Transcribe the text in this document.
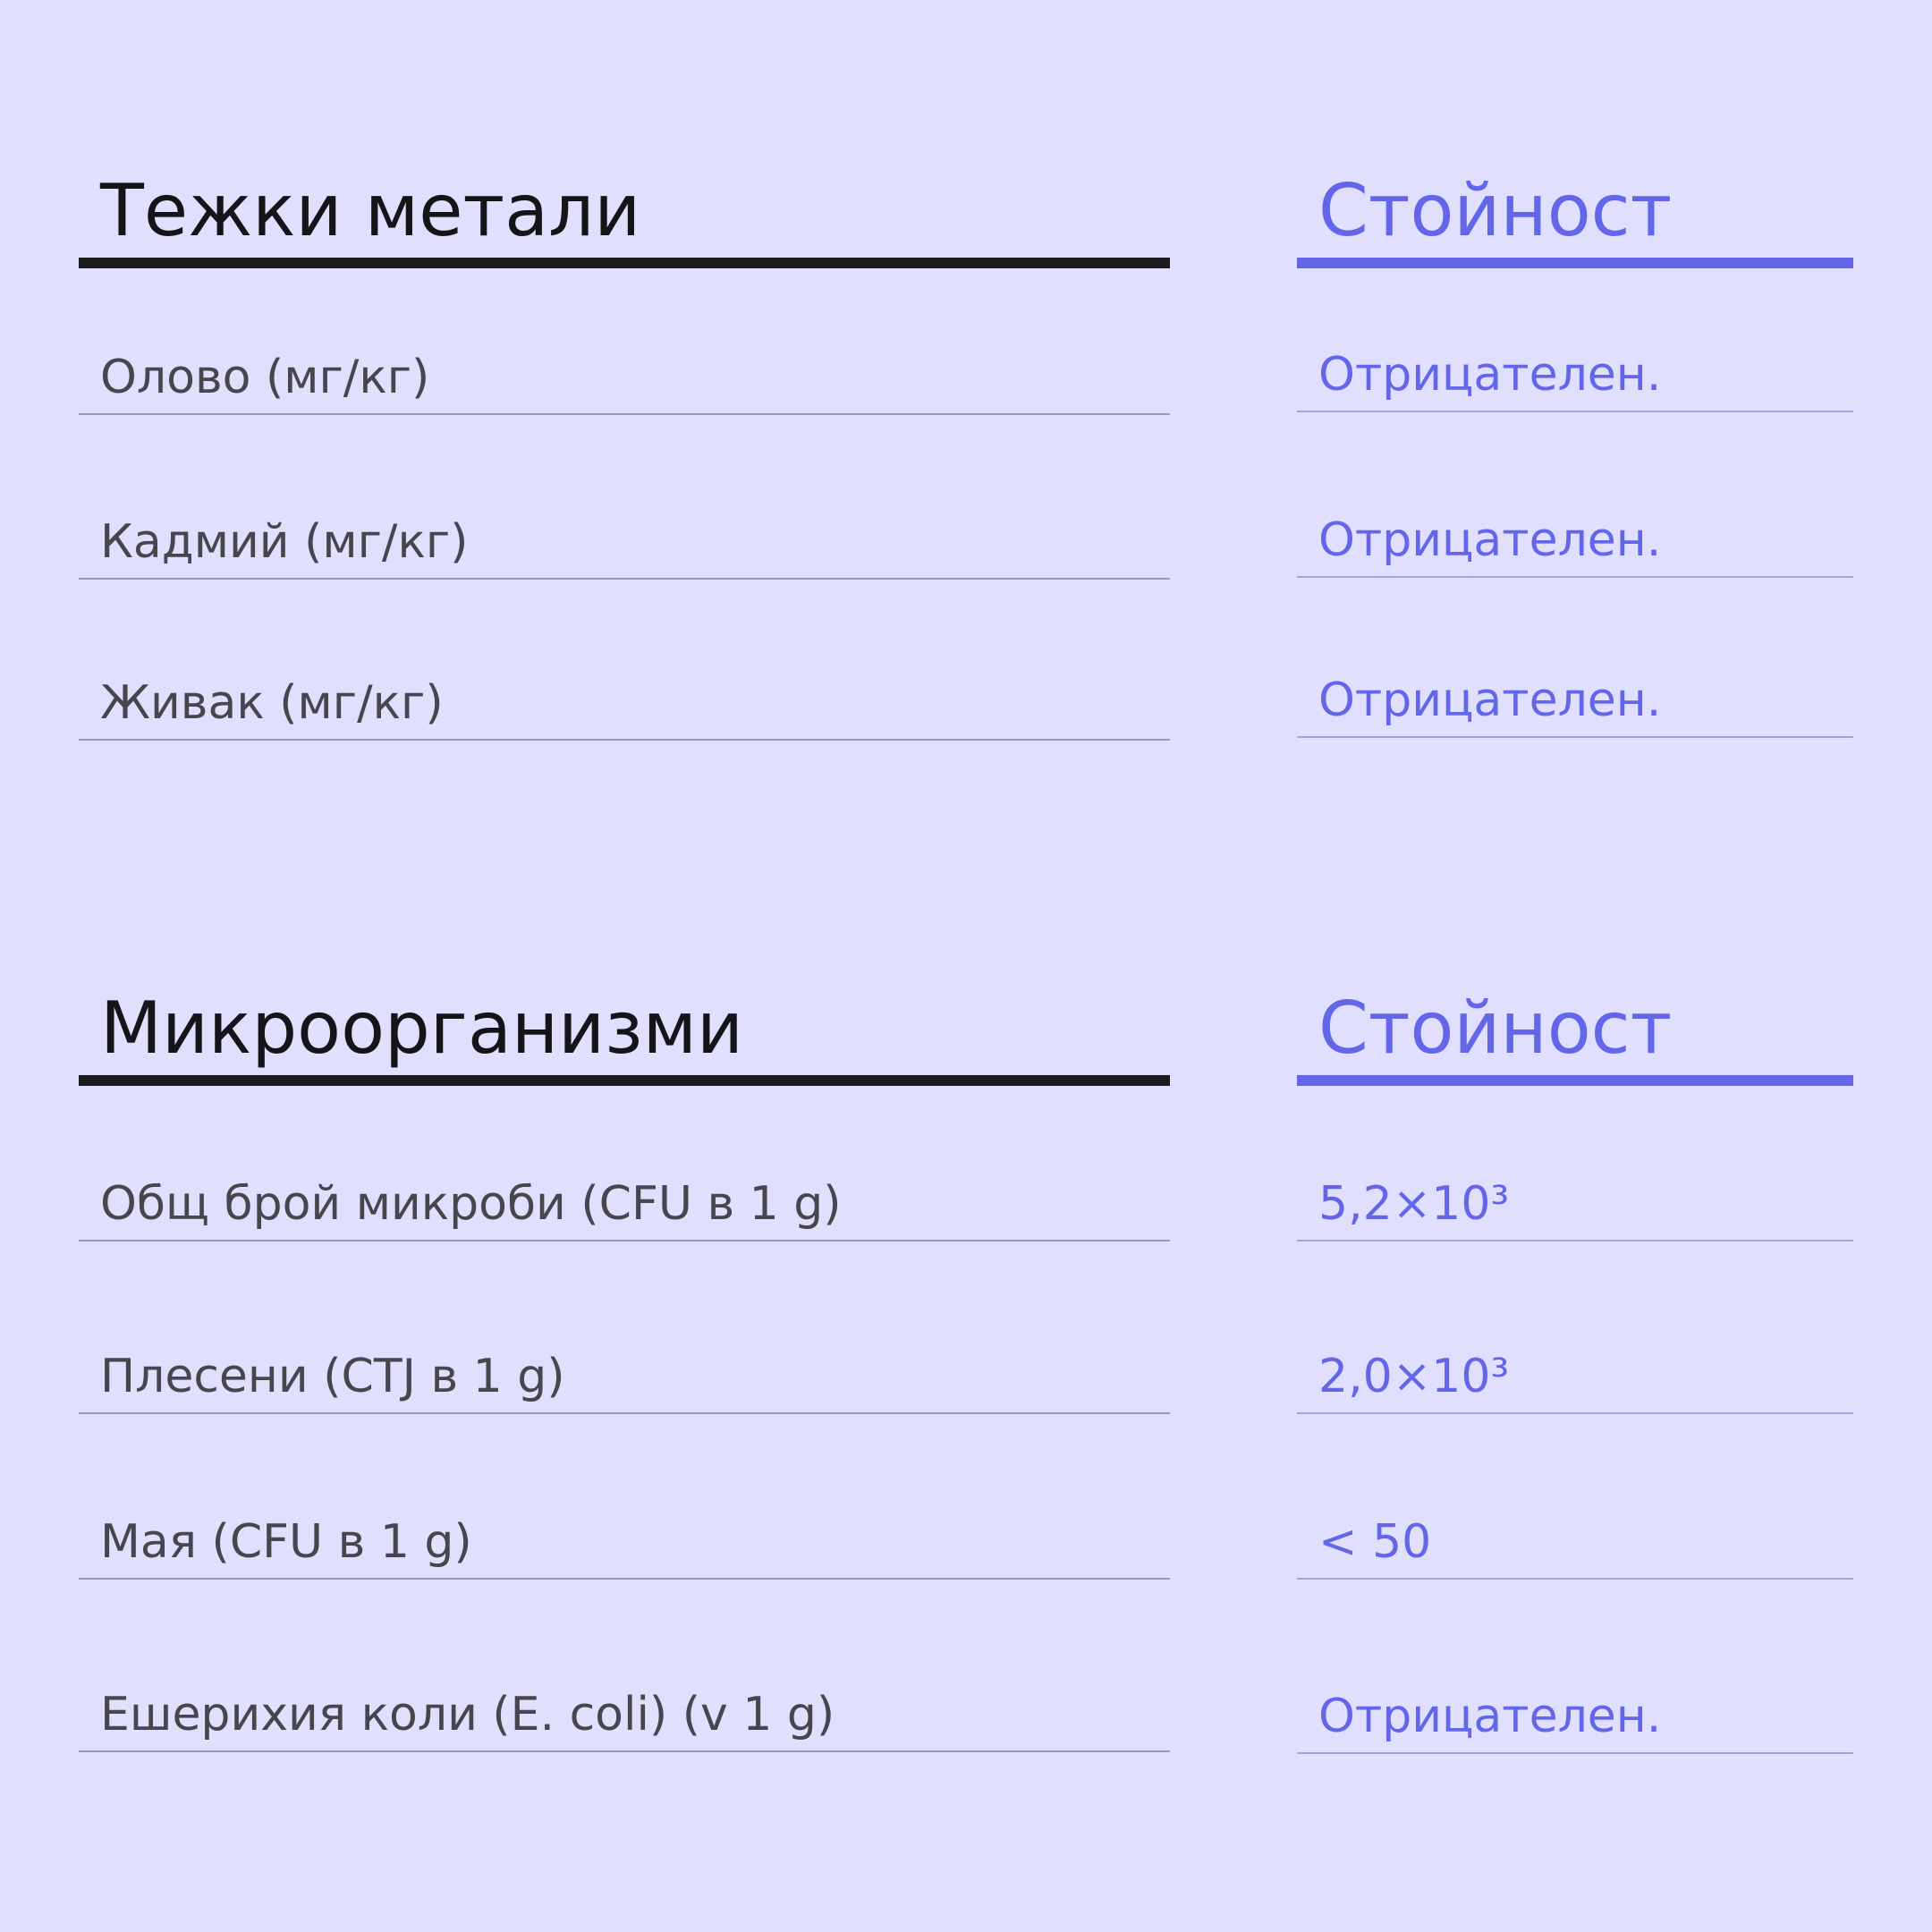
Тежки метали
Олово (мг/кг)
Кадмий (мг/кг)
Живак (мг/кг)
Стойност
Отрицателен.
Отрицателен.
Отрицателен.
Микроорганизми
Общ брой микроби (CFU в 1 g)
Плесени (CTJ в 1 g)
Мая (CFU в 1 g)
Ешерихия коли (E. coli) (v 1 g)
Стойност
5,2×10³
2,0×10³
< 50
Отрицателен.
